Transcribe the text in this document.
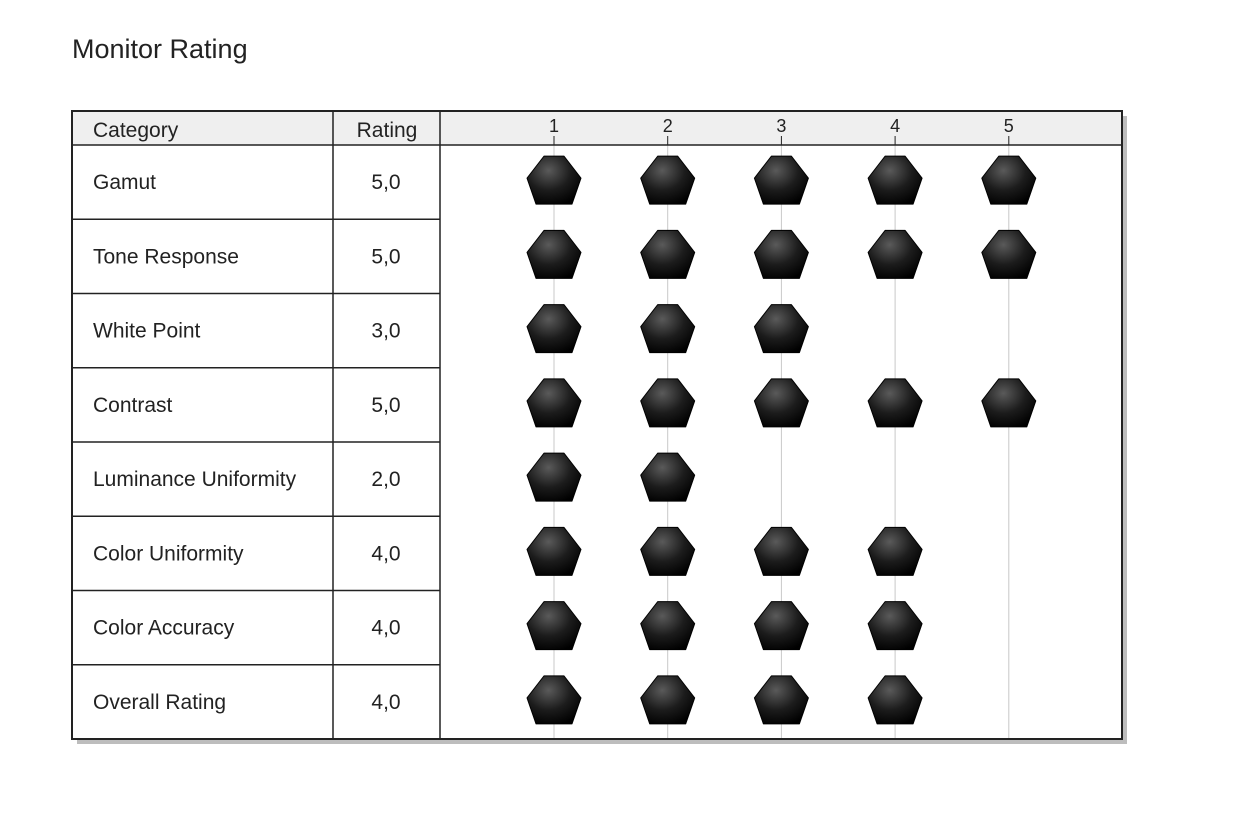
Monitor Rating
Category	Rating	1	2	3	4	5
Gamut	5,0
Tone Response	5,0
White Point	3,0
Contrast	5,0
Luminance Uniformity	2,0
Color Uniformity	4,0
Color Accuracy	4,0
Overall Rating	4,0
